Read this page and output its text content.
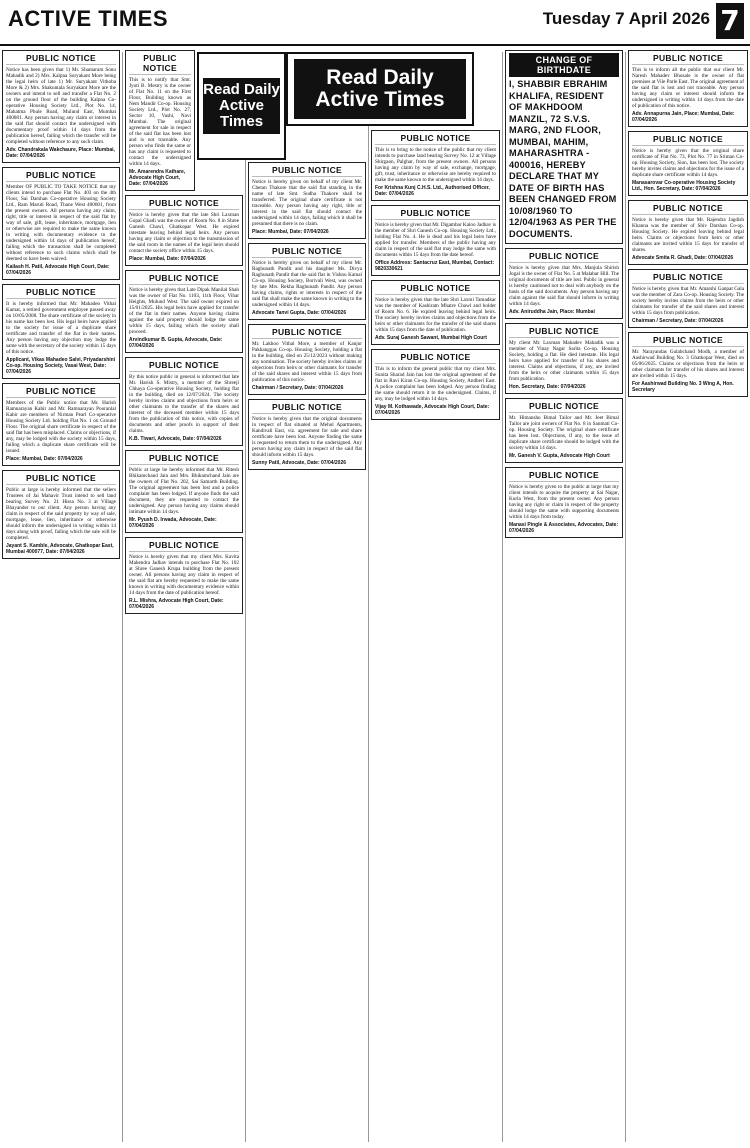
ACTIVE TIMES	Tuesday 7 April 2026 7
PUBLIC NOTICE

Notice has been given that 1) Mr. Shantaram Sonu Mahadik and 2) Mrs. Kalpna Suryakant More being the legal heirs of late 1) Mr. Suryakant Vithoba More & 2) Mrs. Shakuntala Suryakant More are the owners and intend to sell and transfer a Flat No. 2 on the ground floor of the building Kalpna Co-operative Housing Society Ltd., Plot No. 14, Mahatma Phule Road, Mulund East, Mumbai 400081. Any person having any claim or interest in the said flat should contact the undersigned with documentary proof within 14 days from the publication hereof, failing which the transfer will be completed without reference to any such claim.

Adv. Chandrakala Wakchaure, Place: Mumbai, Date: 07/04/2026
PUBLIC NOTICE

Member OF PUBLIC TO TAKE NOTICE that my clients intend to purchase Flat No. 403 on the 4th Floor, Sai Darshan Co-operative Housing Society Ltd., Ram Maruti Road, Thane West 400601, from the present owners. All persons having any claim, right, title or interest in respect of the said flat by way of sale, gift, lease, inheritance, mortgage, lien or otherwise are required to make the same known in writing with documentary evidence to the undersigned within 14 days of publication hereof, failing which the transaction shall be completed without reference to such claims which shall be deemed to have been waived.

Kailash H. Patil, Advocate High Court, Date: 07/04/2026
PUBLIC NOTICE

It is hereby informed that Mr. Mahadeo Vithal Kamat, a retired government employee passed away on 10/05/2008. The share certificate of the society in his name has been lost. His legal heirs have applied to the society for issue of a duplicate share certificate and transfer of the flat in their names. Any person having any objection may lodge the same with the secretary of the society within 15 days of this notice.

Applicant, Vikas Mahadeo Salvi, Priyadarshini Co-op. Housing Society, Vasai West, Date: 07/04/2026
PUBLIC NOTICE

Members of the Public notice that Mr. Harish Ramnarayan Kabir and Mr. Ramnarayan Pooranlal Kabir are members of Nirman Pearl Co-operative Housing Society Ltd. holding Flat No. 1 on Ground Floor. The original share certificate in respect of the said flat has been misplaced. Claims or objections, if any, may be lodged with the society within 15 days, failing which a duplicate share certificate will be issued.

Place: Mumbai, Date: 07/04/2026
PUBLIC NOTICE

Public at large is hereby informed that the sellers Trustees of Jai Mahavir Trust intend to sell land bearing Survey No. 21 Hissa No. 3 at Village Bhayander to our client. Any person having any claim in respect of the said property by way of sale, mortgage, lease, lien, inheritance or otherwise should inform the undersigned in writing within 14 days along with proof, failing which the sale will be completed.

Jayant S. Kamble, Advocate, Ghatkopar East, Mumbai 400077, Date: 07/04/2026
PUBLIC NOTICE

This is to notify that Smt. Jyoti B. Mestry is the owner of Flat No. 11 on the First Floor, Building known as Nem Mandir Co-op. Housing Society Ltd., Plot No. 27, Sector 10, Vashi, Navi Mumbai. The original agreement for sale in respect of the said flat has been lost and is not traceable. Any person who finds the same or has any claim is requested to contact the undersigned within 14 days.

Mr. Amarendra Kathare, Advocate High Court, Date: 07/04/2026
PUBLIC NOTICE

Notice is hereby given that the late Shri Laxman Gopal Ghadi was the owner of Room No. 8 in Shree Ganesh Chawl, Ghatkopar West. He expired intestate leaving behind legal heirs. Any person having any claim or objection to the transmission of the said room in the names of the legal heirs should contact the society office within 15 days.

Place: Mumbai, Date: 07/04/2026
PUBLIC NOTICE

Notice is hereby given that Late Dipak Manilal Shah was the owner of Flat No. 1103, 11th Floor, Vihar Heights, Mulund West. The said owner expired on 15/01/2025. His legal heirs have applied for transfer of the flat in their names. Anyone having claims against the said property should lodge the same within 15 days, failing which the society shall proceed.

Arvindkumar B. Gupta, Advocate, Date: 07/04/2026
PUBLIC NOTICE

By this notice public in general is informed that late Mr. Harish S. Mistry, a member of the Shreeji Chhaya Co-operative Housing Society, holding flat in the building, died on 12/07/2024. The society hereby invites claims and objections from heirs or other claimants to the transfer of the shares and interest of the deceased member within 15 days from the publication of this notice, with copies of documents and other proofs in support of their claims.

K.B. Tiwari, Advocate, Date: 07/04/2026
PUBLIC NOTICE

Public at large be hereby informed that Mr. Ritesh Bhikamchand Jain and Mrs. Bhikamchand Jain are the owners of Flat No. 202, Sai Samarth Building. The original agreement has been lost and a police complaint has been lodged. If anyone finds the said document, they are requested to contact the undersigned. Any person having any claims should intimate within 14 days.

Mr. Pyush D. Irwada, Advocate, Date: 07/04/2026
PUBLIC NOTICE

Notice is hereby given that my client Mrs. Kavita Mahendra Jadhav intends to purchase Flat No. 102 at Shree Ganesh Krupa building from the present owner. All persons having any claim in respect of the said flat are hereby requested to make the same known in writing with documentary evidence within 14 days from the date of publication hereof.

R.L. Mishra, Advocate High Court, Date: 07/04/2026
Read Daily Active Times
Read Daily Active Times
PUBLIC NOTICE

Notice is hereby given on behalf of my client Mr. Chetan Thakore that the said flat standing in the name of late Smt. Sudha Thakore shall be transferred. The original share certificate is not traceable. Any person having any right, title or interest in the said flat should contact the undersigned within 14 days, failing which it shall be presumed that there is no claim.

Place: Mumbai, Date: 07/04/2026
PUBLIC NOTICE

Notice is hereby given on behalf of my client Mr. Raghunath Pandit and his daughter Ms. Divya Raghunath Pandit that the said flat in Vishnu Kamal Co-op. Housing Society, Borivali West, was owned by late Mrs. Rekha Raghunath Pandit. Any person having claims, rights or interests in respect of the said flat shall make the same known in writing to the undersigned within 14 days.

Advocate Tanvi Gupta, Date: 07/04/2026
PUBLIC NOTICE

Mr. Lakhoo Vithal More, a member of Kanjur Pakhanggas Co-op. Housing Society, holding a flat in the building, died on 25/12/2023 without making any nomination. The society hereby invites claims or objections from heirs or other claimants for transfer of the said shares and interest within 15 days from publication of this notice.

Chairman / Secretary, Date: 07/04/2026
PUBLIC NOTICE

Notice is hereby given that the original documents in respect of flat situated at Mehul Apartments, Kandivali East, viz. agreement for sale and share certificate have been lost. Anyone finding the same is requested to return them to the undersigned. Any person having any claim in respect of the said flat should inform within 15 days.

Sunny Patil, Advocate, Date: 07/04/2026
PUBLIC NOTICE

This is to bring to the notice of the public that my client intends to purchase land bearing Survey No. 12 at Village Shirgaon, Palghar, from the present owners. All persons having any claim by way of sale, exchange, mortgage, gift, trust, inheritance or otherwise are hereby required to make the same known to the undersigned within 14 days.

For Krishna Kunj C.H.S. Ltd., Authorised Officer, Date: 07/04/2026
PUBLIC NOTICE

Notice is hereby given that Mr. Digambar Kaloo Jadhav is the member of Shri Ganesh Co-op. Housing Society Ltd., holding Flat No. 4. He is dead and his legal heirs have applied for transfer. Members of the public having any claim in respect of the said flat may lodge the same with documents within 15 days from the date hereof.

Office Address: Santacruz East, Mumbai, Contact: 9820330621
PUBLIC NOTICE

Notice is hereby given that the late Shri Laxmi Tamadkar was the member of Kashiram Mhatre Chawl and holder of Room No. 6. He expired leaving behind legal heirs. The society hereby invites claims and objections from the heirs or other claimants for the transfer of the said shares within 15 days from the date of publication.

Adv. Suraj Ganesh Sawant, Mumbai High Court
PUBLIC NOTICE

This is to inform the general public that my client Mrs. Sunita Sharad Jain has lost the original agreement of the flat in Ravi Kiran Co-op. Housing Society, Andheri East. A police complaint has been lodged. Any person finding the same should return it to the undersigned. Claims, if any, may be lodged within 14 days.

Vijay M. Kothawade, Advocate High Court, Date: 07/04/2026
CHANGE OF BIRTHDATE

I, SHABBIR EBRAHIM KHALIFA, RESIDENT OF MAKHDOOM MANZIL, 72 S.V.S. MARG, 2ND FLOOR, MUMBAI, MAHIM, MAHARASHTRA - 400016, HEREBY DECLARE THAT MY DATE OF BIRTH HAS BEEN CHANGED FROM 10/08/1960 TO 12/04/1963 AS PER THE DOCUMENTS.

PUBLIC NOTICE

Notice is hereby given that Mrs. Manjula Shirish Jogal is the owner of Flat No. 5 at Malabar Hill. The original documents of title are lost. Public in general is hereby cautioned not to deal with anybody on the basis of the said documents. Any person having any claim against the said flat should inform in writing within 14 days.

Adv. Aniruddha Jain, Place: Mumbai
PUBLIC NOTICE

My client Mr. Laxman Mahadev Mahadik was a member of Vinay Nagar Sarita Co-op. Housing Society, holding a flat. He died intestate. His legal heirs have applied for transfer of his shares and interest. Claims and objections, if any, are invited from the heirs or other claimants within 15 days from publication.

Hon. Secretary, Date: 07/04/2026
PUBLIC NOTICE

Mr. Himanshu Bimal Tailor and Mr. Jeet Bimal Tailor are joint owners of Flat No. 8 in Sanmati Co-op. Housing Society. The original share certificate has been lost. Objections, if any, to the issue of duplicate share certificate should be lodged with the society within 14 days.

Mr. Ganesh V. Gupta, Advocate High Court
PUBLIC NOTICE

Notice is hereby given to the public at large that my client intends to acquire the property at Sai Nagar, Kurla West, from the present owner. Any person having any right or claim in respect of the property should lodge the same with supporting documents within 14 days from today.

Manasi Pingle & Associates, Advocates, Date: 07/04/2026
PUBLIC NOTICE

This is to inform all the public that our client Mr. Naresh Mahadev Bhosale is the owner of flat premises at Vile Parle East. The original agreement of the said flat is lost and not traceable. Any person having any claim or interest should inform the undersigned in writing within 14 days from the date of publication of this notice.

Adv. Annapurna Jain, Place: Mumbai, Date: 07/04/2026
PUBLIC NOTICE

Notice is hereby given that the original share certificate of Flat No. 73, Plot No. 77 in Sriman Co-op. Housing Society, Sion, has been lost. The society hereby invites claims and objections for the issue of a duplicate share certificate within 14 days.

Manasarovar Co-operative Housing Society Ltd., Hon. Secretary, Date: 07/04/2026
PUBLIC NOTICE

Notice is hereby given that Mr. Rajendra Jagdish Khanna was the member of Shiv Darshan Co-op. Housing Society. He expired leaving behind legal heirs. Claims or objections from heirs or other claimants are invited within 15 days for transfer of shares.

Advocate Smita R. Ghadi, Date: 07/04/2026
PUBLIC NOTICE

Notice is hereby given that Mr. Amarshi Ganpat Gala was the member of Zara Co-op. Housing Society. The society hereby invites claims from the heirs or other claimants for transfer of the said shares and interest within 15 days from publication.

Chairman / Secretary, Date: 07/04/2026
PUBLIC NOTICE

Mr. Narayandas Gulabchand Modh, a member of Aashirwad Building No. 3 Ghatkopar West, died on 05/06/2025. Claims or objections from the heirs or other claimants for transfer of his shares and interest are invited within 15 days.

For Aashirwad Building No. 3 Wing A, Hon. Secretary
